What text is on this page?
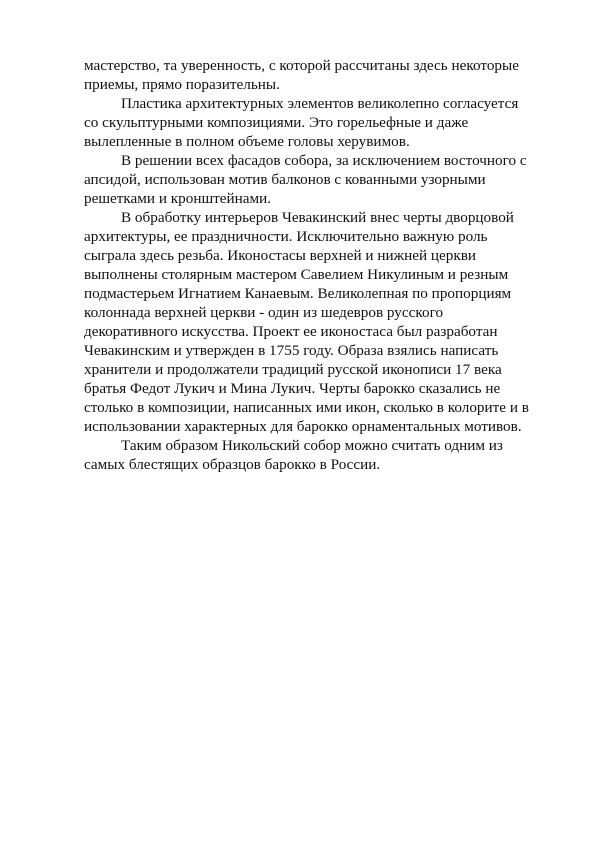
мастерство, та уверенность, с которой рассчитаны здесь некоторые
приемы, прямо поразительны.
Пластика архитектурных элементов великолепно согласуется
со скульптурными композициями. Это горельефные и даже
вылепленные в полном объеме головы херувимов.
В решении всех фасадов собора, за исключением восточного с
апсидой, использован мотив балконов с кованными узорными
решетками и кронштейнами.
В обработку интерьеров Чевакинский внес черты дворцовой
архитектуры, ее праздничности. Исключительно важную роль
сыграла здесь резьба. Иконостасы верхней и нижней церкви
выполнены столярным мастером Савелием Никулиным и резным
подмастерьем Игнатием Канаевым. Великолепная по пропорциям
колоннада верхней церкви - один из шедевров русского
декоративного искусства. Проект ее иконостаса был разработан
Чевакинским и утвержден в 1755 году. Образа взялись написать
хранители и продолжатели традиций русской иконописи 17 века
братья Федот Лукич и Мина Лукич. Черты барокко сказались не
столько в композиции, написанных ими икон, сколько в колорите и в
использовании характерных для барокко орнаментальных мотивов.
Таким образом Никольский собор можно считать одним из
самых блестящих образцов барокко в России.
